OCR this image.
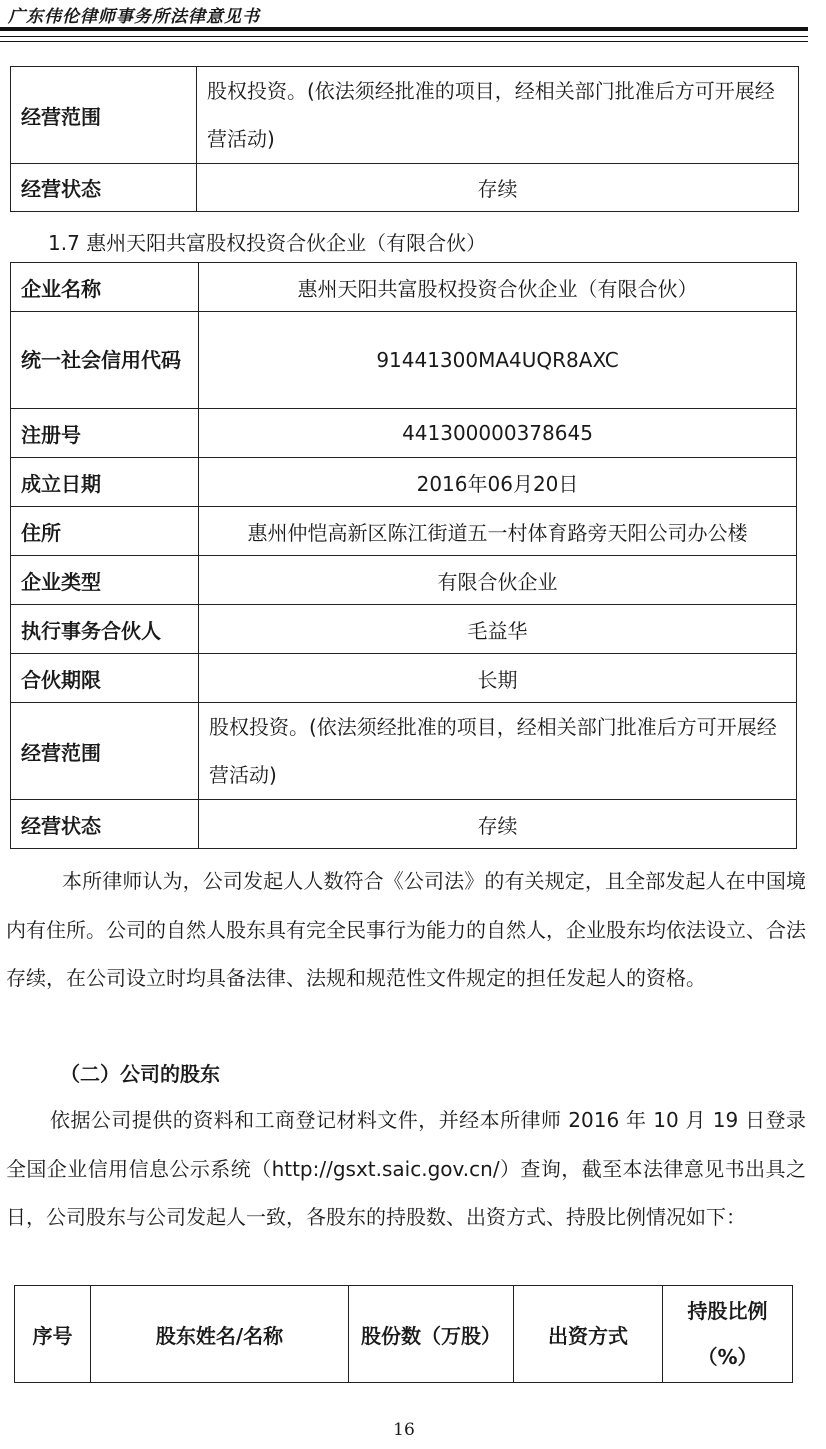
广东伟伦律师事务所法律意见书
经营范围	股权投资。(依法须经批准的项目，经相关部门批准后方可开展经营活动)
经营状态	存续
1.7 惠州天阳共富股权投资合伙企业（有限合伙）
企业名称	惠州天阳共富股权投资合伙企业（有限合伙）
统一社会信用代码	91441300MA4UQR8AXC
注册号	441300000378645
成立日期	2016年06月20日
住所	惠州仲恺高新区陈江街道五一村体育路旁天阳公司办公楼
企业类型	有限合伙企业
执行事务合伙人	毛益华
合伙期限	长期
经营范围	股权投资。(依法须经批准的项目，经相关部门批准后方可开展经营活动)
经营状态	存续
本所律师认为，公司发起人人数符合《公司法》的有关规定，且全部发起人在中国境内有住所。公司的自然人股东具有完全民事行为能力的自然人，企业股东均依法设立、合法存续，在公司设立时均具备法律、法规和规范性文件规定的担任发起人的资格。
（二）公司的股东
依据公司提供的资料和工商登记材料文件，并经本所律师 2016 年 10 月 19 日登录全国企业信用信息公示系统（http://gsxt.saic.gov.cn/）查询，截至本法律意见书出具之日，公司股东与公司发起人一致，各股东的持股数、出资方式、持股比例情况如下：
序号	股东姓名/名称	股份数（万股）	出资方式	持股比例（%）
16
